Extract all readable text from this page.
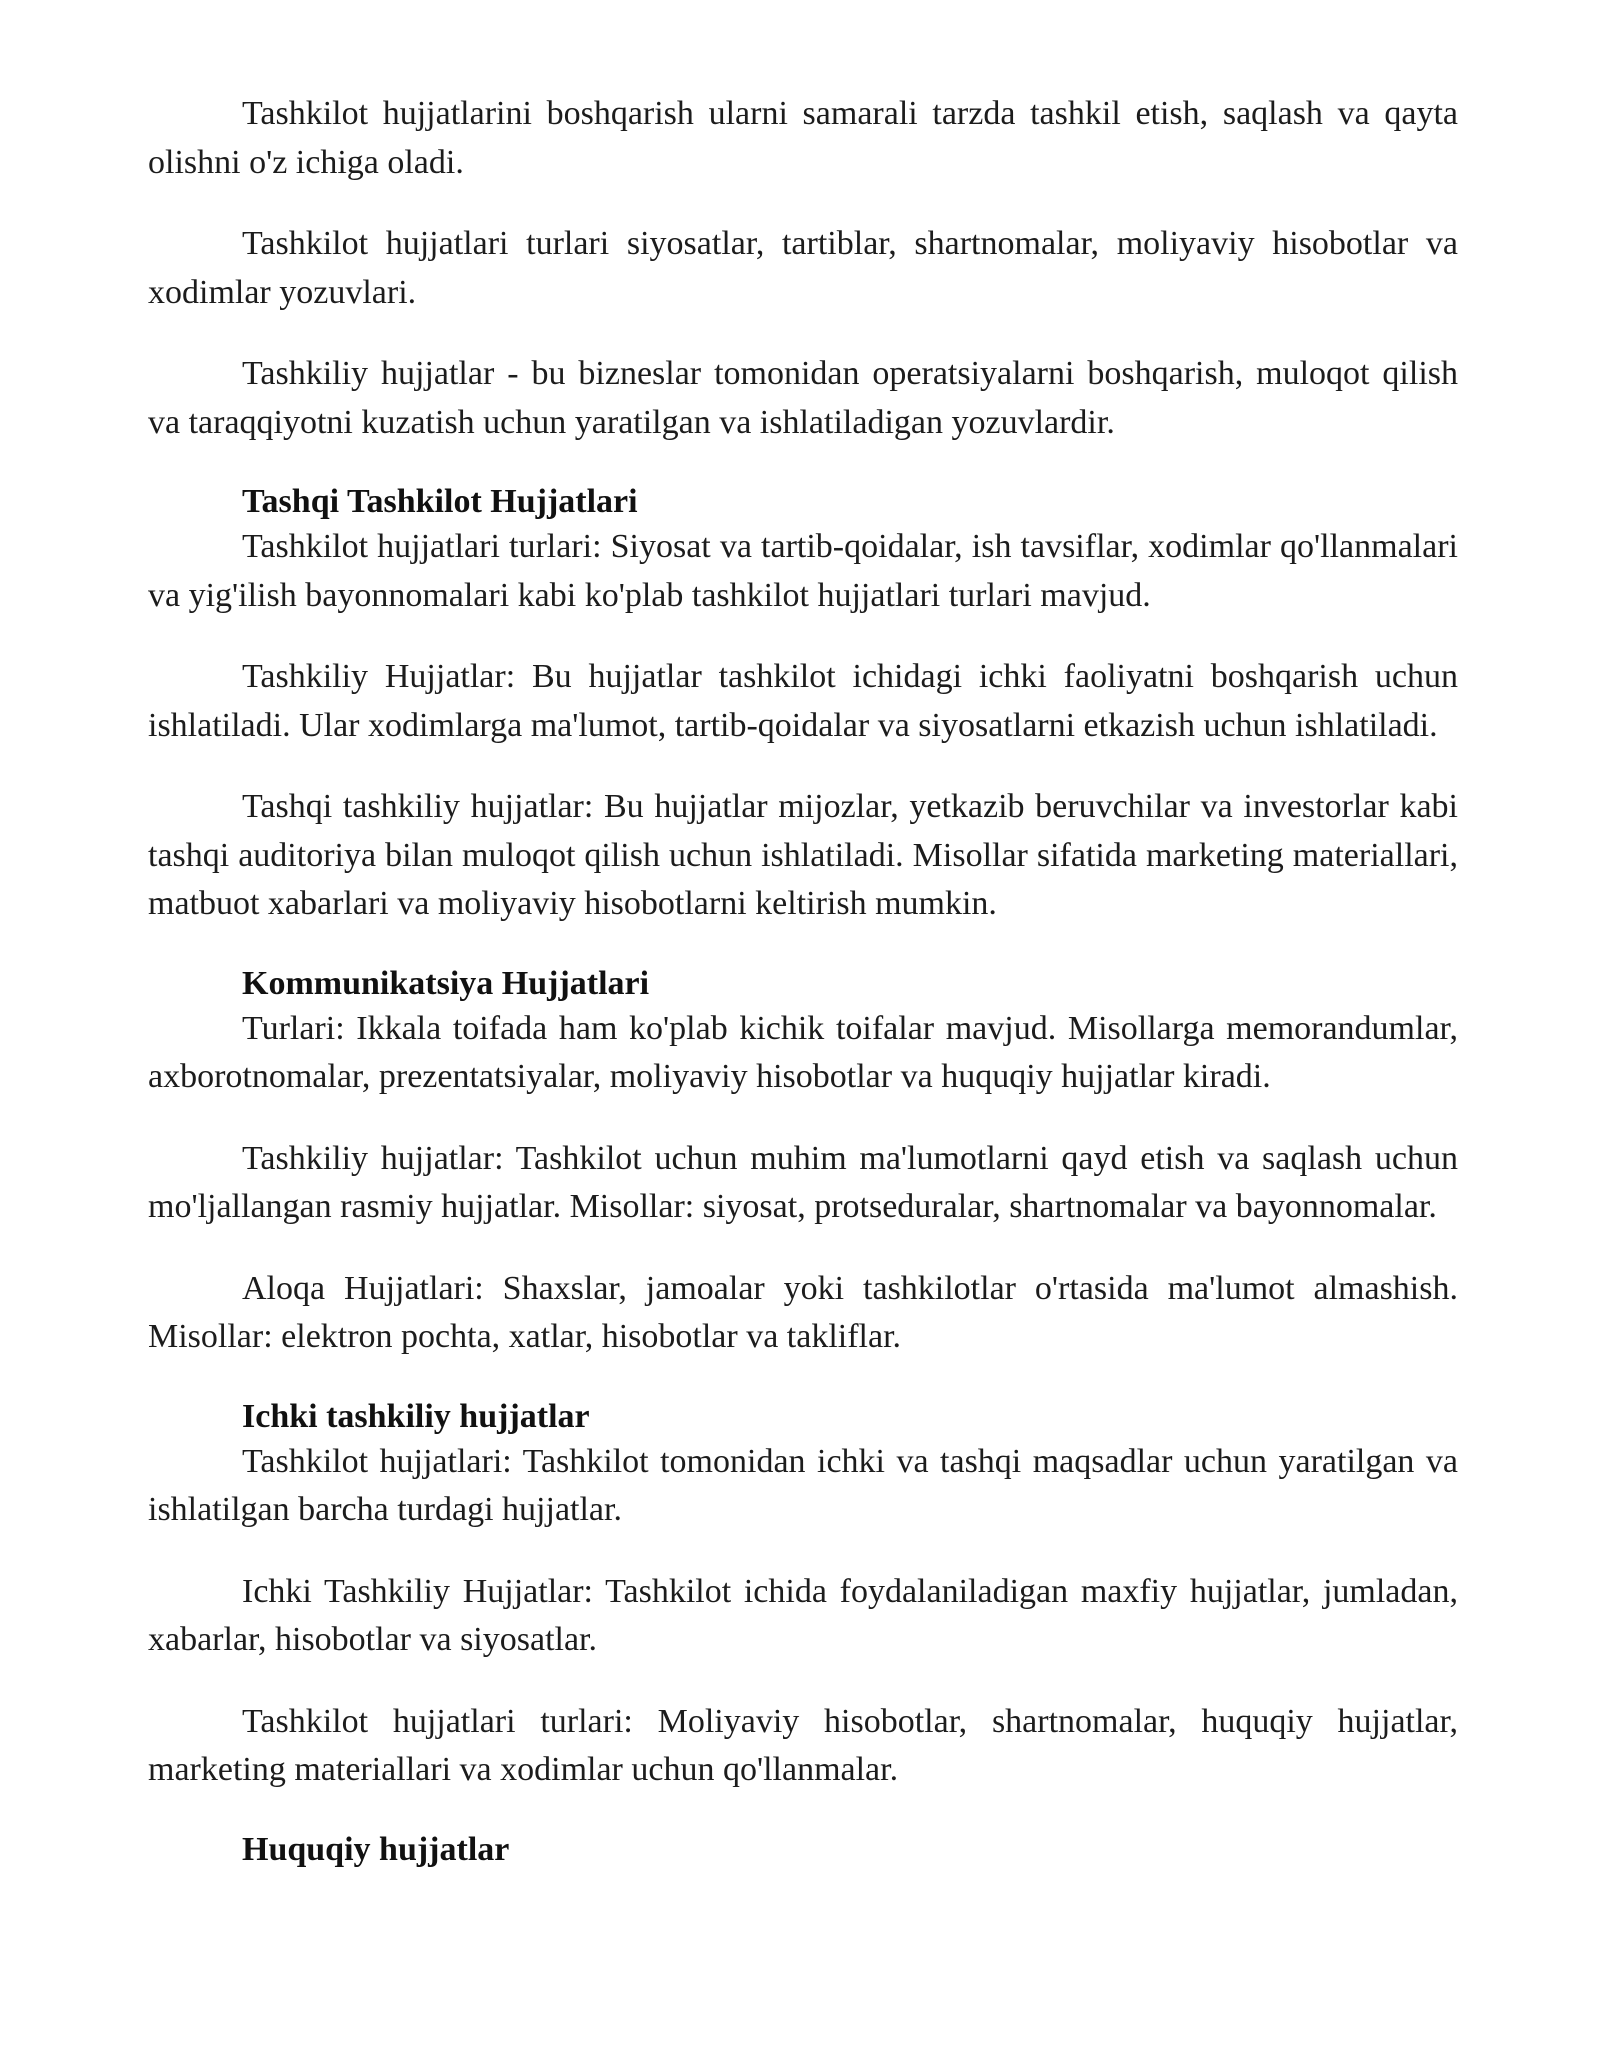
Tashkilot hujjatlarini boshqarish ularni samarali tarzda tashkil etish, saqlash va qayta olishni o'z ichiga oladi.

Tashkilot hujjatlari turlari siyosatlar, tartiblar, shartnomalar, moliyaviy hisobotlar va xodimlar yozuvlari.

Tashkiliy hujjatlar - bu bizneslar tomonidan operatsiyalarni boshqarish, muloqot qilish va taraqqiyotni kuzatish uchun yaratilgan va ishlatiladigan yozuvlardir.

Tashqi Tashkilot Hujjatlari

Tashkilot hujjatlari turlari: Siyosat va tartib-qoidalar, ish tavsiflar, xodimlar qo'llanmalari va yig'ilish bayonnomalari kabi ko'plab tashkilot hujjatlari turlari mavjud.

Tashkiliy Hujjatlar: Bu hujjatlar tashkilot ichidagi ichki faoliyatni boshqarish uchun ishlatiladi. Ular xodimlarga ma'lumot, tartib-qoidalar va siyosatlarni etkazish uchun ishlatiladi.

Tashqi tashkiliy hujjatlar: Bu hujjatlar mijozlar, yetkazib beruvchilar va investorlar kabi tashqi auditoriya bilan muloqot qilish uchun ishlatiladi. Misollar sifatida marketing materiallari, matbuot xabarlari va moliyaviy hisobotlarni keltirish mumkin.

Kommunikatsiya Hujjatlari

Turlari: Ikkala toifada ham ko'plab kichik toifalar mavjud. Misollarga memorandumlar, axborotnomalar, prezentatsiyalar, moliyaviy hisobotlar va huquqiy hujjatlar kiradi.

Tashkiliy hujjatlar: Tashkilot uchun muhim ma'lumotlarni qayd etish va saqlash uchun mo'ljallangan rasmiy hujjatlar. Misollar: siyosat, protseduralar, shartnomalar va bayonnomalar.

Aloqa Hujjatlari: Shaxslar, jamoalar yoki tashkilotlar o'rtasida ma'lumot almashish. Misollar: elektron pochta, xatlar, hisobotlar va takliflar.

Ichki tashkiliy hujjatlar

Tashkilot hujjatlari: Tashkilot tomonidan ichki va tashqi maqsadlar uchun yaratilgan va ishlatilgan barcha turdagi hujjatlar.

Ichki Tashkiliy Hujjatlar: Tashkilot ichida foydalaniladigan maxfiy hujjatlar, jumladan, xabarlar, hisobotlar va siyosatlar.

Tashkilot hujjatlari turlari: Moliyaviy hisobotlar, shartnomalar, huquqiy hujjatlar, marketing materiallari va xodimlar uchun qo'llanmalar.

Huquqiy hujjatlar
